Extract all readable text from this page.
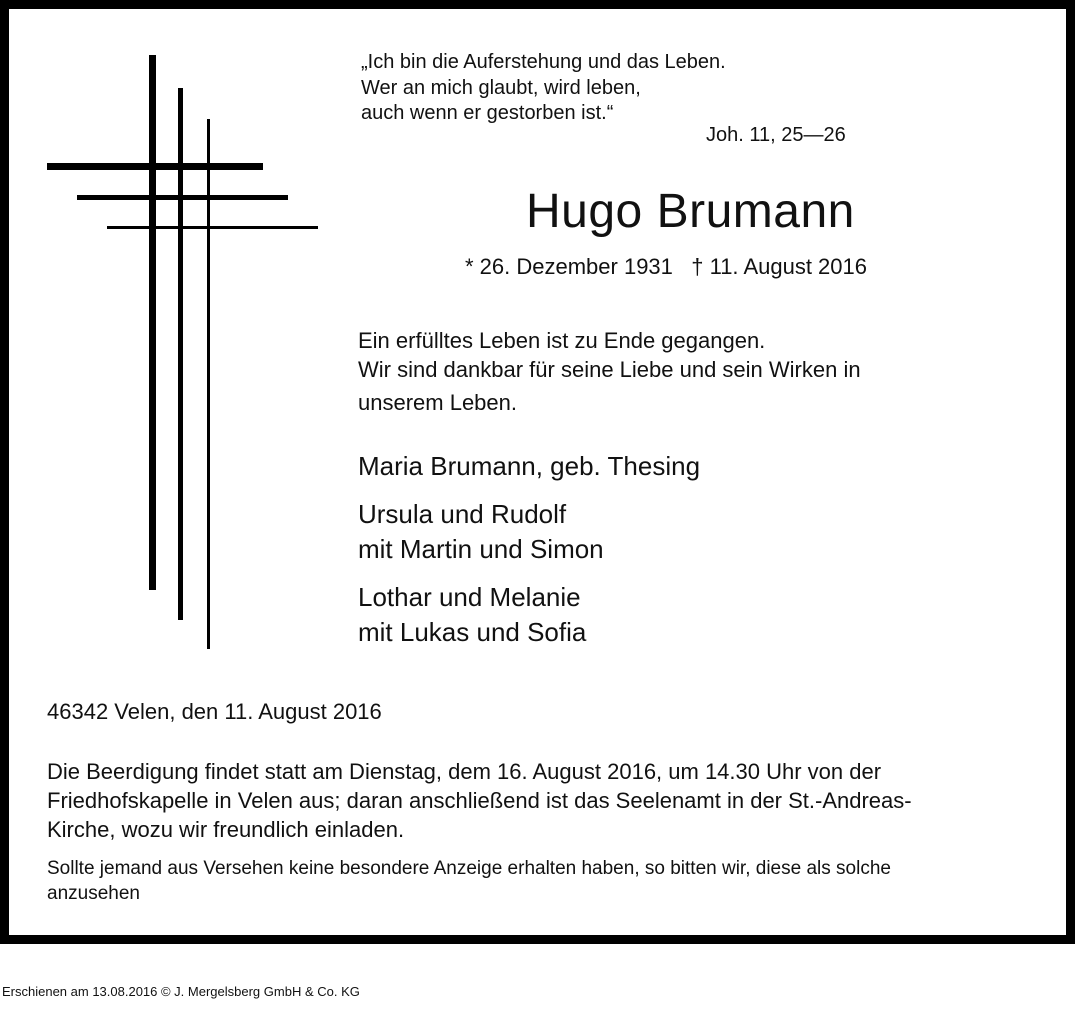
„Ich bin die Auferstehung und das Leben.

Wer an mich glaubt, wird leben,

auch wenn er gestorben ist.“

Joh. 11, 25—26

Hugo Brumann

* 26. Dezember 1931   † 11. August 2016

Ein erfülltes Leben ist zu Ende gegangen.

Wir sind dankbar für seine Liebe und sein Wirken in

unserem Leben.

Maria Brumann, geb. Thesing

Ursula und Rudolf

mit Martin und Simon

Lothar und Melanie

mit Lukas und Sofia

46342 Velen, den 11. August 2016

Die Beerdigung findet statt am Dienstag, dem 16. August 2016, um 14.30 Uhr von der

Friedhofskapelle in Velen aus; daran anschließend ist das Seelenamt in der St.-Andreas-

Kirche, wozu wir freundlich einladen.

Sollte jemand aus Versehen keine besondere Anzeige erhalten haben, so bitten wir, diese als solche

anzusehen

Erschienen am 13.08.2016 © J. Mergelsberg GmbH & Co. KG
